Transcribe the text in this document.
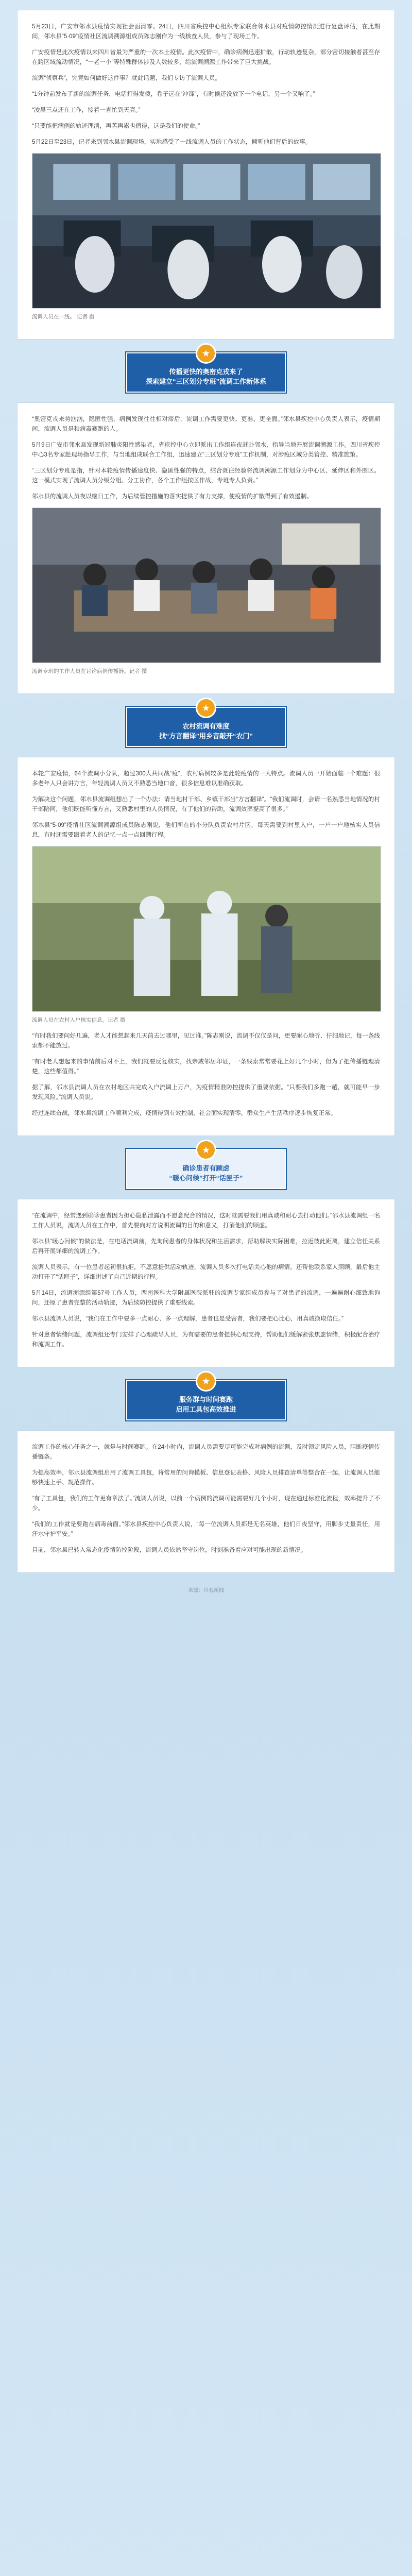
5月23日，广安市邻水县疫情实现社会面清零。24日，四川省疾控中心组织专家联合邻水县对疫情防控情况进行复盘评估，在此期间，邻水县“5·09”疫情社区流调溯源组成员陈志刚作为一线核查人员，参与了现场工作。

广安疫情是此次疫情以来四川省最为严重的一次本土疫情。此次疫情中，确诊病例迅速扩散，行动轨迹复杂，部分密切接触者甚至存在跨区域流动情况，“一老一小”等特殊群体涉及人数较多，给流调溯源工作带来了巨大挑战。

流调“侦察兵”，究竟如何做好这件事？就此话题，我们专访了流调人员。

“1分钟前发布了新的流调任务，电话打得发烫，卷子远在“冲锋”，有时候还没放下一个电话，另一个又响了。”

“凌晨三点还在工作，接着一直忙到天亮。”

“只要能把病例的轨迹理清，再苦再累也值得，这是我们的使命。”

5月22日至23日，记者来到邻水县流调现场，实地感受了一线流调人员的工作状态，倾听他们背后的故事。

流调人员在一线。 记者 摄
★
传播更快的奥密克戎来了
探索建立“三区划分专班”流调工作新体系

“奥密克戎来势汹汹，隐匿性强，病例发现往往相对滞后，流调工作需要更快、更准、更全面。”邻水县疾控中心负责人表示，疫情期间，流调人员是和病毒赛跑的人。

5月9日广安市邻水县发现新冠肺炎阳性感染者，省疾控中心立即派出工作组连夜赶赴邻水，指导当地开展流调溯源工作。四川省疾控中心3名专家赴现场指导工作，与当地组成联合工作组，迅速建立“三区划分专班”工作机制，对涉疫区域分类管控、精准施策。

“三区划分专班是指，针对本轮疫情传播速度快、隐匿性强的特点，结合既往经验将流调溯源工作划分为中心区、延伸区和外围区。这一模式实现了流调人员分级分组、分工协作，各个工作组按区作战，专班专人负责。”

邻水县的流调人员夜以继日工作，为后续管控措施的落实提供了有力支撑，使疫情的扩散得到了有效遏制。

流调专班的工作人员在讨论病例传播链。记者 摄
★
农村流调有难度
找“方言翻译”用乡音敲开“农门”

本轮广安疫情，64个流调小分队，超过300人共同战“疫”，农村病例较多是此轮疫情的一大特点。流调人员一开始面临一个难题：很多老年人只会讲方言，年轻流调人员又不熟悉当地口音，很多信息难以准确获取。

为解决这个问题，邻水县流调组想出了一个办法：请当地村干部、乡镇干部当“方言翻译”。“我们流调时，会请一名熟悉当地情况的村干部陪同，他们既能听懂方言，又熟悉村里的人员情况，有了他们的帮助，流调效率提高了很多。”

邻水县“5·09”疫情社区流调溯源组成员陈志刚说，他们所在的小分队负责农村片区，每天需要到村里入户，一户一户地核实人员信息，有时还需要跟着老人的记忆一点一点回溯行程。

流调人员在农村入户核实信息。记者 摄

“有时我们要问好几遍，老人才能想起来几天前去过哪里，见过谁。”陈志刚说，流调不仅仅是问，更要耐心地听、仔细地记，每一条线索都不能放过。

“有时老人想起来的事情前后对不上，我们就要反复核实，找亲戚邻居印证，一条线索常常要花上好几个小时，但为了把传播链理清楚，这些都值得。”

据了解，邻水县流调人员在农村地区共完成入户流调上万户，为疫情精准防控提供了重要依据。“只要我们多跑一趟，就可能早一步发现风险。”流调人员说。

经过连续奋战，邻水县流调工作顺利完成，疫情得到有效控制，社会面实现清零，群众生产生活秩序逐步恢复正常。

★
确诊患者有顾虑
“暖心问候”打开“话匣子”

“在流调中，经常遇到确诊患者因为担心隐私泄露而不愿意配合的情况，这时就需要我们用真诚和耐心去打动他们。”邻水县流调组一名工作人员说，流调人员在工作中，首先要向对方说明流调的目的和意义，打消他们的顾虑。

邻水县“暖心问候”的做法是，在电话流调前，先询问患者的身体状况和生活需求，帮助解决实际困难，拉近彼此距离，建立信任关系后再开展详细的流调工作。

流调人员表示，有一位患者起初很抗拒，不愿意提供活动轨迹，流调人员多次打电话关心他的病情，还帮他联系家人照顾，最后他主动打开了“话匣子”，详细讲述了自己近期的行程。

5月14日，流调溯源组第57号工作人员，西南医科大学附属医院派驻的流调专家组成员参与了对患者的流调，一遍遍耐心细致地询问，还原了患者完整的活动轨迹，为后续防控提供了重要线索。

邻水县流调人员说，“我们在工作中要多一点耐心、多一点理解，患者也是受害者，我们要把心比心，用真诚换取信任。”

针对患者情绪问题，流调组还专门安排了心理疏导人员，为有需要的患者提供心理支持，帮助他们缓解紧张焦虑情绪，积极配合治疗和流调工作。

★
服务群与时间赛跑
启用工具包高效推进

流调工作的核心任务之一，就是与时间赛跑。在24小时内，流调人员需要尽可能完成对病例的流调，及时锁定风险人员，阻断疫情传播链条。

为提高效率，邻水县流调组启用了流调工具包，将常用的问询模板、信息登记表格、风险人员排查清单等整合在一起，让流调人员能够快速上手、规范操作。

“有了工具包，我们的工作更有章法了。”流调人员说，以前一个病例的流调可能需要好几个小时，现在通过标准化流程，效率提升了不少。

“我们的工作就是要跑在病毒前面。”邻水县疾控中心负责人说，“每一位流调人员都是无名英雄，他们日夜坚守，用脚步丈量责任，用汗水守护平安。”

目前，邻水县已转入常态化疫情防控阶段，流调人员依然坚守岗位，时刻准备着应对可能出现的新情况。

来源：川观新闻
